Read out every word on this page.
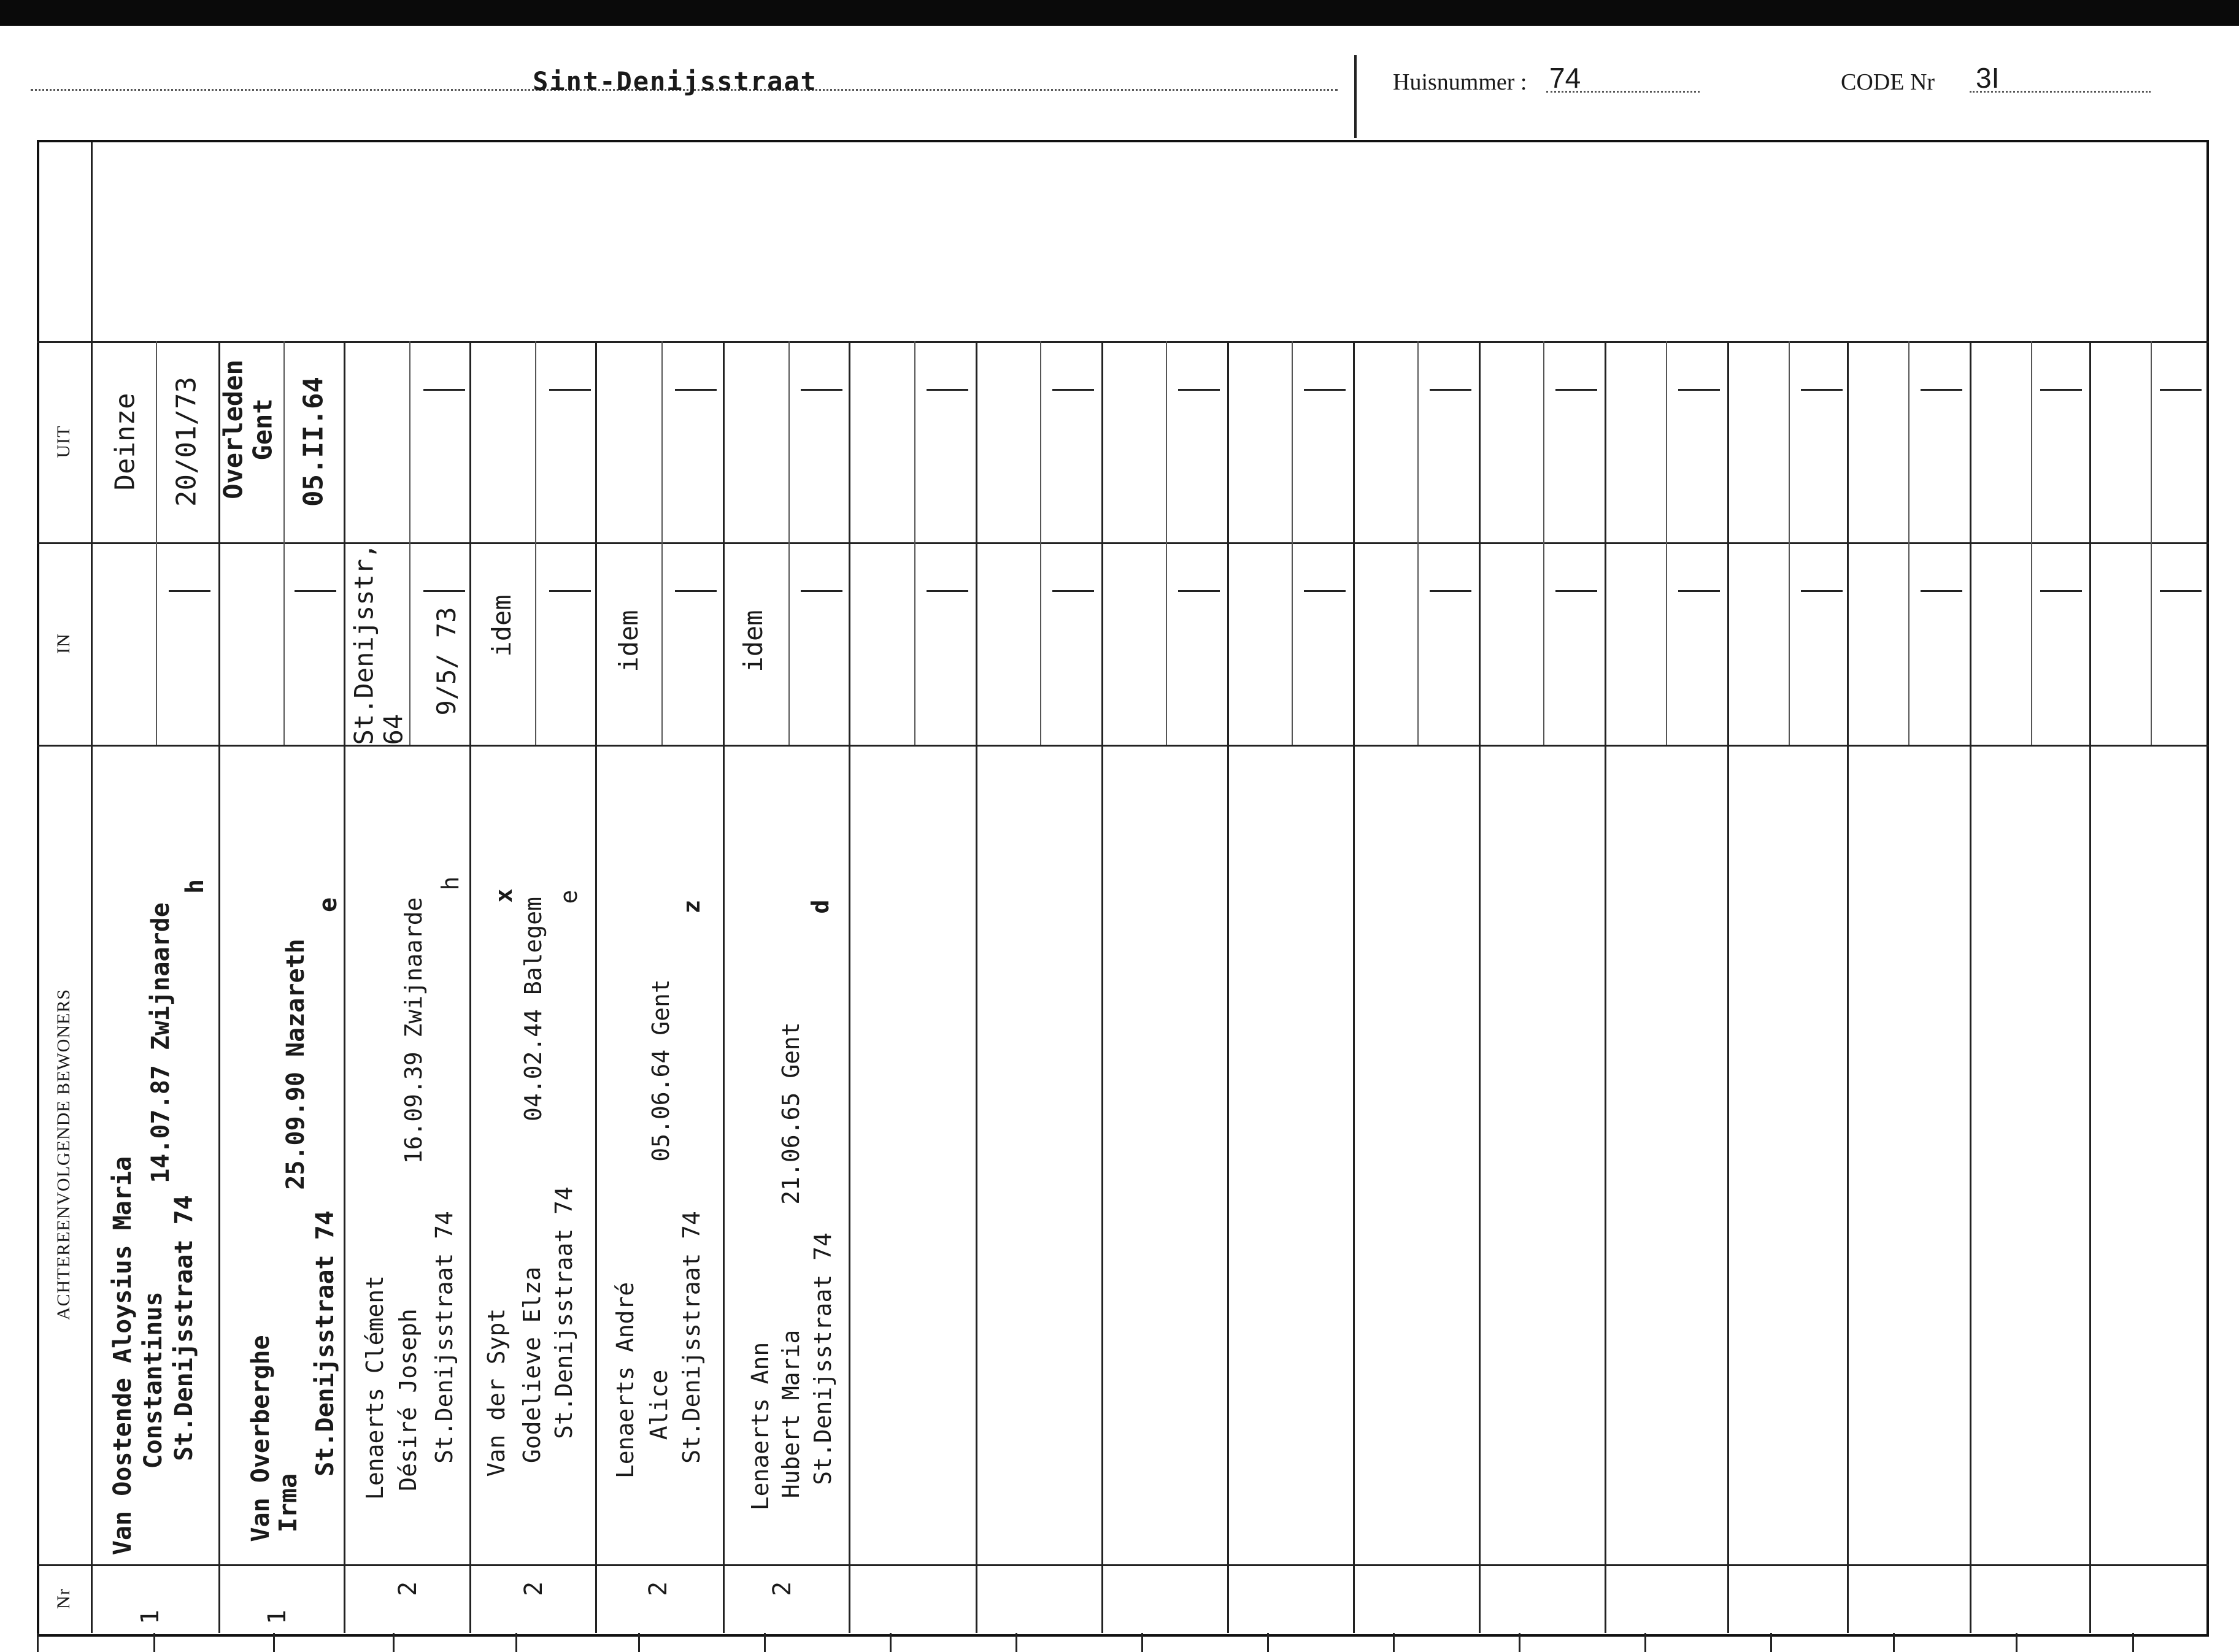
Sint-Denijsstraat	Huisnummer : 74	CODE Nr 3I
UIT
IN
ACHTEREENVOLGENDE BEWONERS
Nr
Deinze 20/01/73
Van Oostende Aloysius Maria Constantinus
14.07.87 Zwijnaarde
St.Denijsstraat 74
h
1
Overleden
Gent 05.II.64
Van Overberghe Irma
25.09.90 Nazareth
St.Denijsstraat 74
e
1
St.Denijsstr,
64
9/5/ 73
Lenaerts Clément Désiré Joseph
16.09.39 Zwijnaarde
St.Denijsstraat 74
h
2
idem
Van der Sypt Godelieve Elza
04.02.44 Balegem
St.Denijsstraat 74
x e
2
idem
Lenaerts André Alice
05.06.64 Gent
St.Denijsstraat 74
z
2
idem
Lenaerts Ann Hubert Maria
21.06.65 Gent
St.Denijsstraat 74
d
2
